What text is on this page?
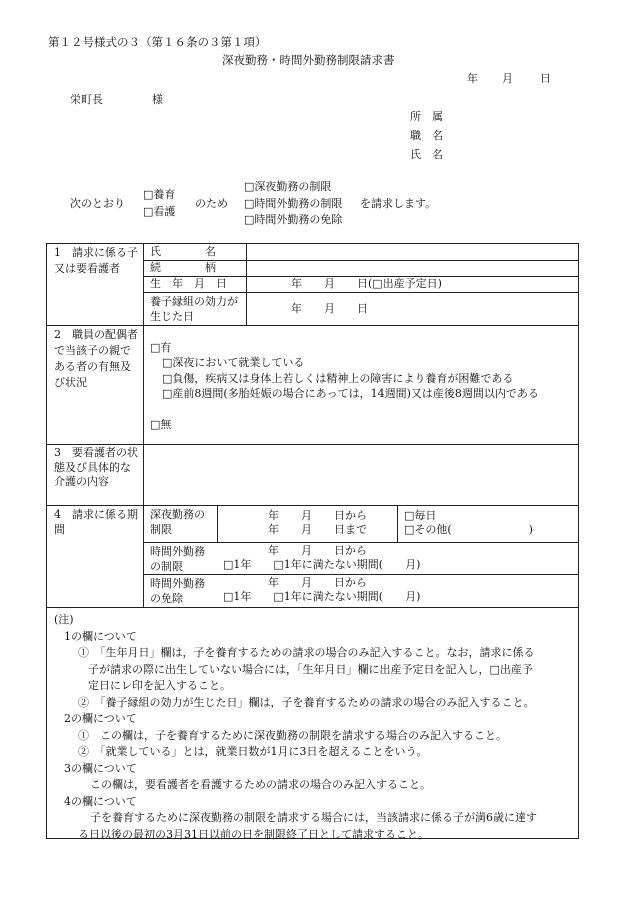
第１２号様式の３（第１６条の３第１項）
深夜勤務・時間外勤務制限請求書
年 月 日
栄町長	様
所　属
職　名
氏　名
次のとおり
□養育
□看護
のため
□深夜勤務の制限
□時間外勤務の制限
□時間外勤務の免除
を請求します。
1　請求に係る子又は要看護者
氏　　　　名
続　　　　柄
生　年　月　日	年　　月　　日(□出産予定日)
養子縁組の効力が生じた日
年　　月　　日
2　職員の配偶者で当該子の親である者の有無及び状況
□有
□深夜において就業している
□負傷，疾病又は身体上若しくは精神上の障害により養育が困難である
□産前8週間(多胎妊娠の場合にあっては，14週間)又は産後8週間以内である
□無
3　要看護者の状態及び具体的な介護の内容
4　請求に係る期間
深夜勤務の制限
年　　月　　日から
年　　月　　日まで
□毎日
□その他(　　　　　　　)
時間外勤務の制限
年　　月　　日から
□1年　　□1年に満たない期間(　　月)
時間外勤務の免除
年　　月　　日から
□1年　　□1年に満たない期間(　　月)
(注)
1の欄について
①　「生年月日」欄は，子を養育するための請求の場合のみ記入すること。なお，請求に係る
子が請求の際に出生していない場合には，「生年月日」欄に出産予定日を記入し，□出産予
定日にレ印を記入すること。
②　「養子縁組の効力が生じた日」欄は，子を養育するための請求の場合のみ記入すること。
2の欄について
①　この欄は，子を養育するために深夜勤務の制限を請求する場合のみ記入すること。
②　「就業している」とは，就業日数が1月に3日を超えることをいう。
3の欄について
この欄は，要看護者を看護するための請求の場合のみ記入すること。
4の欄について
子を養育するために深夜勤務の制限を請求する場合には，当該請求に係る子が満6歳に達す
る日以後の最初の3月31日以前の日を制限終了日として請求すること。
